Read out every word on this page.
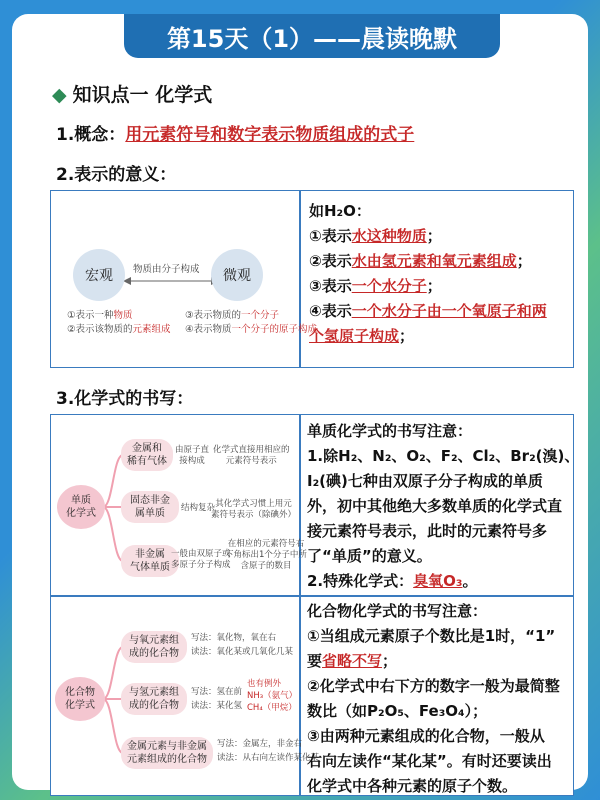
第15天（1）——晨读晚默
◆ 知识点一 化学式
1.概念：用元素符号和数字表示物质组成的式子
2.表示的意义：
宏观	微观
物质由分子构成
①表示一种物质
②表示该物质的元素组成
③表示物质的一个分子
④表示物质一个分子的原子构成
如H₂O：
①表示水这种物质；
②表示水由氢元素和氧元素组成；
③表示一个水分子；
④表示一个水分子由一个氧原子和两
个氢原子构成；
3.化学式的书写：
单质
化学式
金属和
稀有气体
固态非金
属单质
非金属
气体单质
由原子直
接构成
化学式直接用相应的
元素符号表示
结构复杂 其化学式习惯上用元
素符号表示（除碘外）
一般由双原子或
多原子分子构成
在相应的元素符号右
下角标出1个分子中所
含原子的数目
单质化学式的书写注意：
1.除H₂、N₂、O₂、F₂、Cl₂、Br₂(溴)、
I₂(碘)七种由双原子分子构成的单质
外，初中其他绝大多数单质的化学式直
接元素符号表示，此时的元素符号多
了“单质”的意义。
2.特殊化学式：臭氧O₃。
化合物
化学式
与氧元素组
成的化合物
与氢元素组
成的化合物
金属元素与非金属
元素组成的化合物
写法：氧化物，氧在右
读法：氧化某或几氧化几某
写法：氢在前
读法：某化氢
也有例外
NH₃（氨气）
CH₄（甲烷）
写法：金属左，非金右
读法：从右向左读作某化某
化合物化学式的书写注意：
①当组成元素原子个数比是1时，“1”
要省略不写；
②化学式中右下方的数字一般为最简整
数比（如P₂O₅、Fe₃O₄）；
③由两种元素组成的化合物，一般从
右向左读作“某化某”。有时还要读出
化学式中各种元素的原子个数。
